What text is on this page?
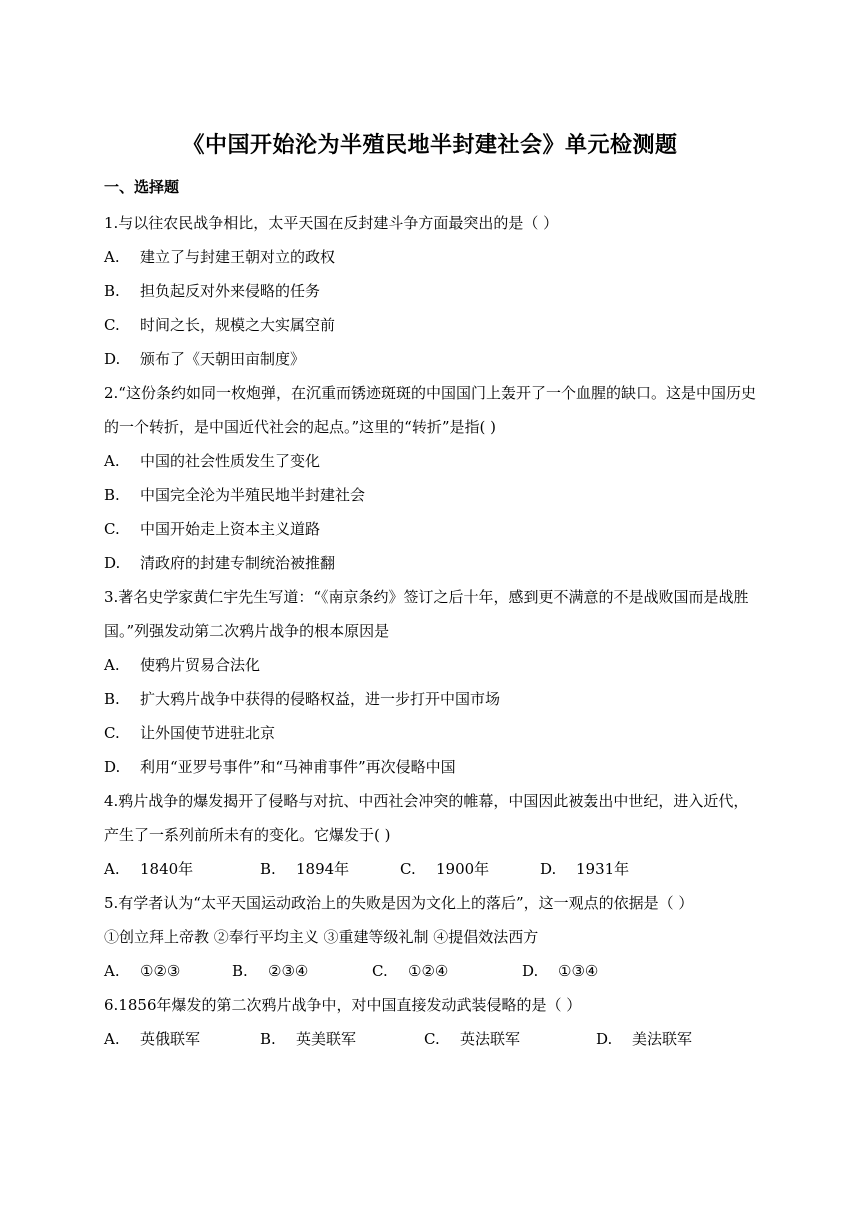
《中国开始沦为半殖民地半封建社会》单元检测题
一、选择题
1.与以往农民战争相比，太平天国在反封建斗争方面最突出的是（ ）
A.	建立了与封建王朝对立的政权
B.	担负起反对外来侵略的任务
C.	时间之长，规模之大实属空前
D.	颁布了《天朝田亩制度》
2.“这份条约如同一枚炮弹，在沉重而锈迹斑斑的中国国门上轰开了一个血腥的缺口。这是中国历史的一个转折，是中国近代社会的起点。”这里的“转折”是指( )
A.	中国的社会性质发生了变化
B.	中国完全沦为半殖民地半封建社会
C.	中国开始走上资本主义道路
D.	清政府的封建专制统治被推翻
3.著名史学家黄仁宇先生写道：“《南京条约》签订之后十年，感到更不满意的不是战败国而是战胜国。”列强发动第二次鸦片战争的根本原因是
A.	使鸦片贸易合法化
B.	扩大鸦片战争中获得的侵略权益，进一步打开中国市场
C.	让外国使节进驻北京
D.	利用“亚罗号事件”和“马神甫事件”再次侵略中国
4.鸦片战争的爆发揭开了侵略与对抗、中西社会冲突的帷幕，中国因此被轰出中世纪，进入近代，产生了一系列前所未有的变化。它爆发于( )
A.	1840年	B.	1894年	C.	1900年	D.	1931年
5.有学者认为“太平天国运动政治上的失败是因为文化上的落后”，这一观点的依据是（ ）
①创立拜上帝教 ②奉行平均主义 ③重建等级礼制 ④提倡效法西方
A.	①②③	B.	②③④	C.	①②④	D.	①③④
6.1856年爆发的第二次鸦片战争中，对中国直接发动武装侵略的是（ ）
A.	英俄联军	B.	英美联军	C.	英法联军	D.	美法联军
